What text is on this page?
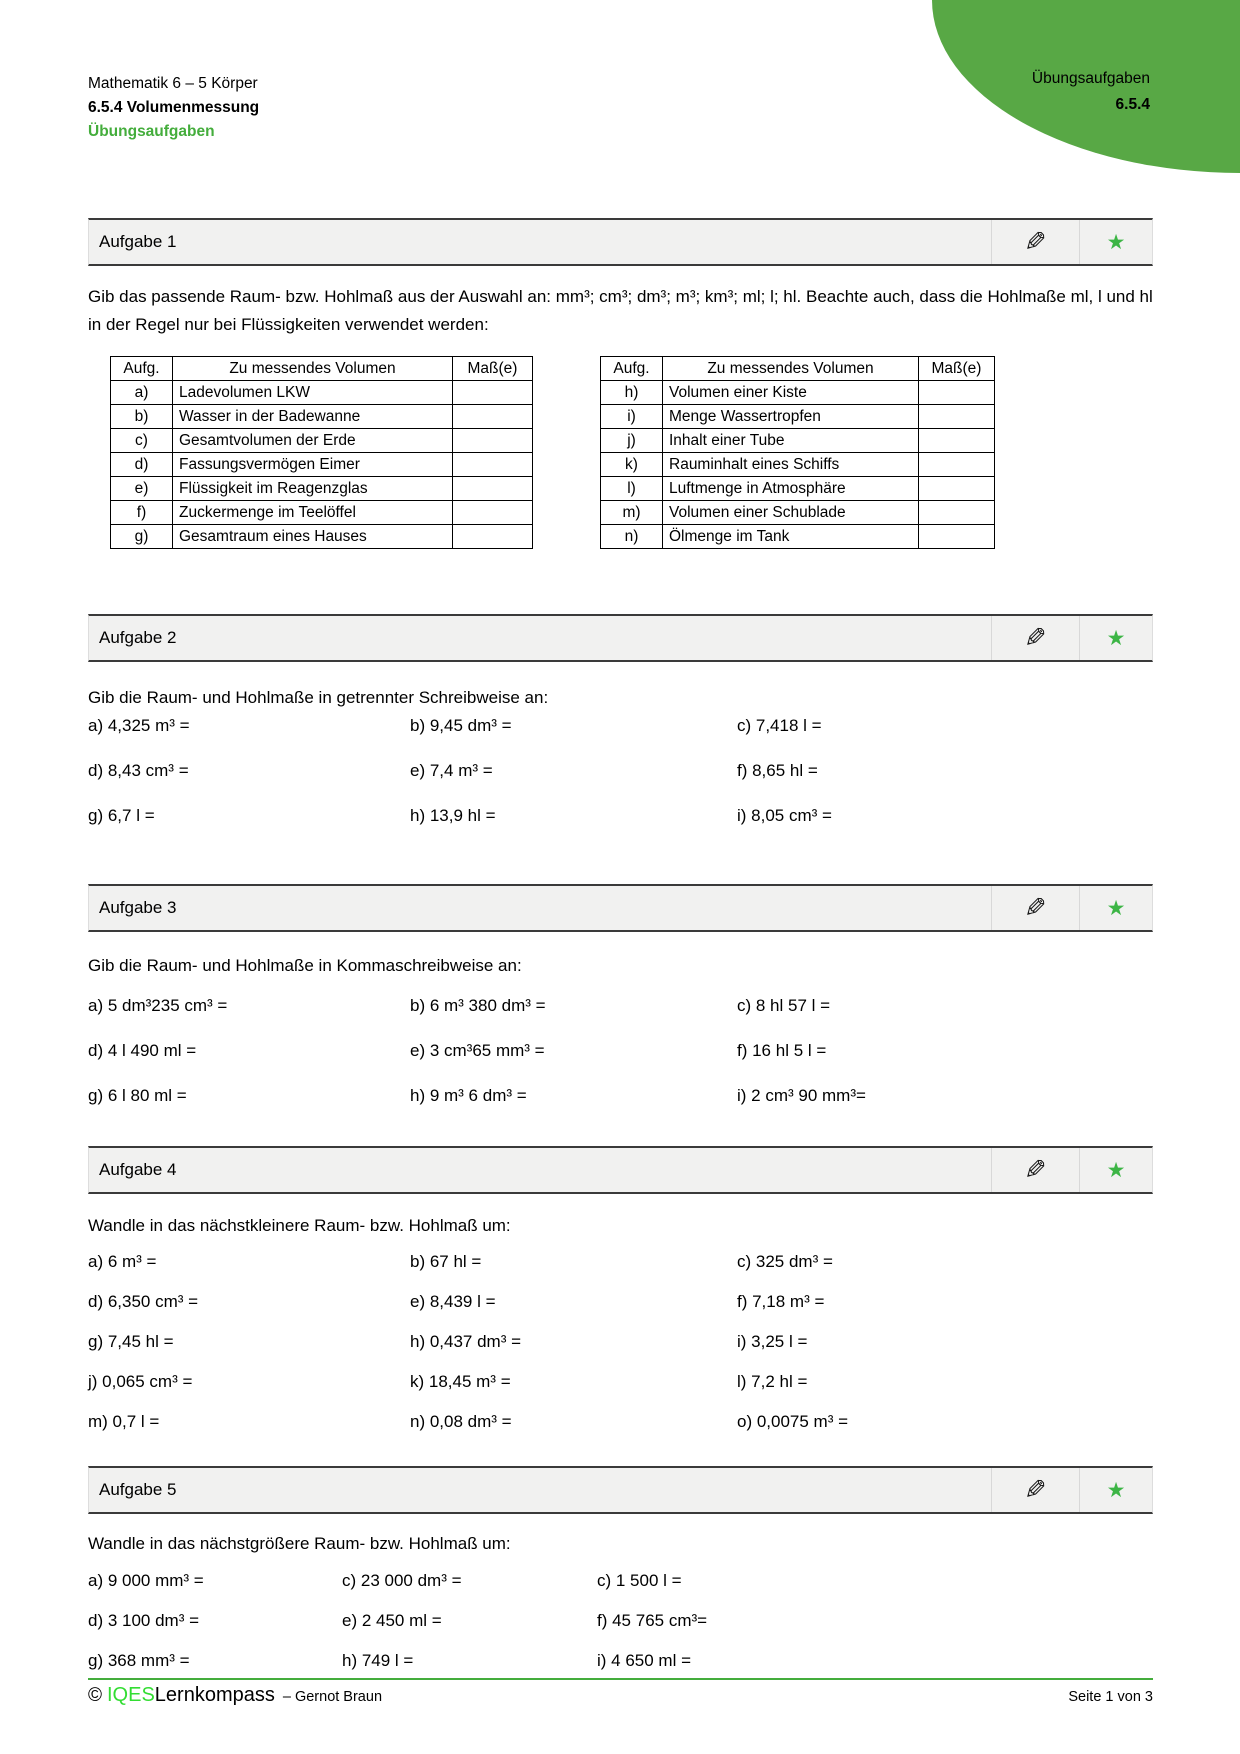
Mathematik 6 – 5 Körper
6.5.4 Volumenmessung
Übungsaufgaben
Übungsaufgaben
6.5.4
Aufgabe 1	✎	★
Gib das passende Raum- bzw. Hohlmaß aus der Auswahl an: mm³; cm³; dm³; m³; km³; ml; l; hl. Beachte auch, dass die Hohlmaße ml, l und hl in der Regel nur bei Flüssigkeiten verwendet werden:
Aufg.	Zu messendes Volumen	Maß(e)
a)	Ladevolumen LKW	
b)	Wasser in der Badewanne	
c)	Gesamtvolumen der Erde	
d)	Fassungsvermögen Eimer	
e)	Flüssigkeit im Reagenzglas	
f)	Zuckermenge im Teelöffel	
g)	Gesamtraum eines Hauses	
Aufg.	Zu messendes Volumen	Maß(e)
h)	Volumen einer Kiste	
i)	Menge Wassertropfen	
j)	Inhalt einer Tube	
k)	Rauminhalt eines Schiffs	
l)	Luftmenge in Atmosphäre	
m)	Volumen einer Schublade	
n)	Ölmenge im Tank	
Aufgabe 2	✎	★
Gib die Raum- und Hohlmaße in getrennter Schreibweise an:
a) 4,325 m³ =	b) 9,45 dm³ =	c) 7,418 l =
d) 8,43 cm³ =	e) 7,4 m³ =	f) 8,65 hl =
g) 6,7 l =	h) 13,9 hl =	i) 8,05 cm³ =
Aufgabe 3	✎	★
Gib die Raum- und Hohlmaße in Kommaschreibweise an:
a) 5 dm³235 cm³ =	b) 6 m³ 380 dm³ =	c) 8 hl 57 l =
d) 4 l 490 ml =	e) 3 cm³65 mm³ =	f) 16 hl 5 l =
g) 6 l 80 ml =	h) 9 m³ 6 dm³ =	i) 2 cm³ 90 mm³=
Aufgabe 4	✎	★
Wandle in das nächstkleinere Raum- bzw. Hohlmaß um:
a) 6 m³ =	b) 67 hl =	c) 325 dm³ =
d) 6,350 cm³ =	e) 8,439 l =	f) 7,18 m³ =
g) 7,45 hl =	h) 0,437 dm³ =	i) 3,25 l =
j) 0,065 cm³ =	k) 18,45 m³ =	l) 7,2 hl =
m) 0,7 l =	n) 0,08 dm³ =	o) 0,0075 m³ =
Aufgabe 5	✎	★
Wandle in das nächstgrößere Raum- bzw. Hohlmaß um:
a) 9 000 mm³ =	c) 23 000 dm³ =	c) 1 500 l =
d) 3 100 dm³ =	e) 2 450 ml =	f) 45 765 cm³=
g) 368 mm³ =	h) 749 l =	i) 4 650 ml =
© IQES Lernkompass – Gernot Braun	Seite 1 von 3
